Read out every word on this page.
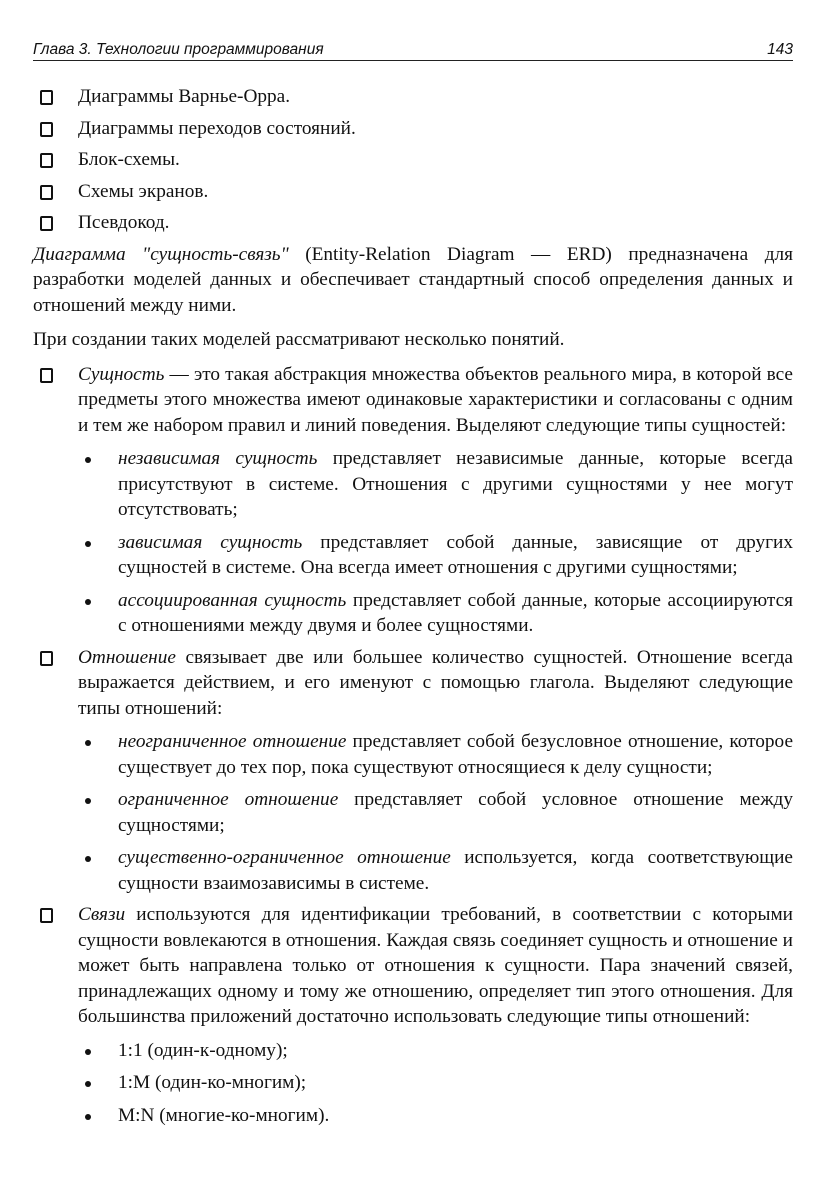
Глава 3. Технологии программирования	143
Диаграммы Варнье-Орра.
Диаграммы переходов состояний.
Блок-схемы.
Схемы экранов.
Псевдокод.
Диаграмма "сущность-связь" (Entity-Relation Diagram — ERD) предназначена для разработки моделей данных и обеспечивает стандартный способ определения данных и отношений между ними.
При создании таких моделей рассматривают несколько понятий.
Сущность — это такая абстракция множества объектов реального мира, в которой все предметы этого множества имеют одинаковые характеристики и согласованы с одним и тем же набором правил и линий поведения. Выделяют следующие типы сущностей:
независимая сущность представляет независимые данные, которые всегда присутствуют в системе. Отношения с другими сущностями у нее могут отсутствовать;
зависимая сущность представляет собой данные, зависящие от других сущностей в системе. Она всегда имеет отношения с другими сущностями;
ассоциированная сущность представляет собой данные, которые ассоциируются с отношениями между двумя и более сущностями.
Отношение связывает две или большее количество сущностей. Отношение всегда выражается действием, и его именуют с помощью глагола. Выделяют следующие типы отношений:
неограниченное отношение представляет собой безусловное отношение, которое существует до тех пор, пока существуют относящиеся к делу сущности;
ограниченное отношение представляет собой условное отношение между сущностями;
существенно-ограниченное отношение используется, когда соответствующие сущности взаимозависимы в системе.
Связи используются для идентификации требований, в соответствии с которыми сущности вовлекаются в отношения. Каждая связь соединяет сущность и отношение и может быть направлена только от отношения к сущности. Пара значений связей, принадлежащих одному и тому же отношению, определяет тип этого отношения. Для большинства приложений достаточно использовать следующие типы отношений:
1:1 (один-к-одному);
1:M (один-ко-многим);
M:N (многие-ко-многим).
